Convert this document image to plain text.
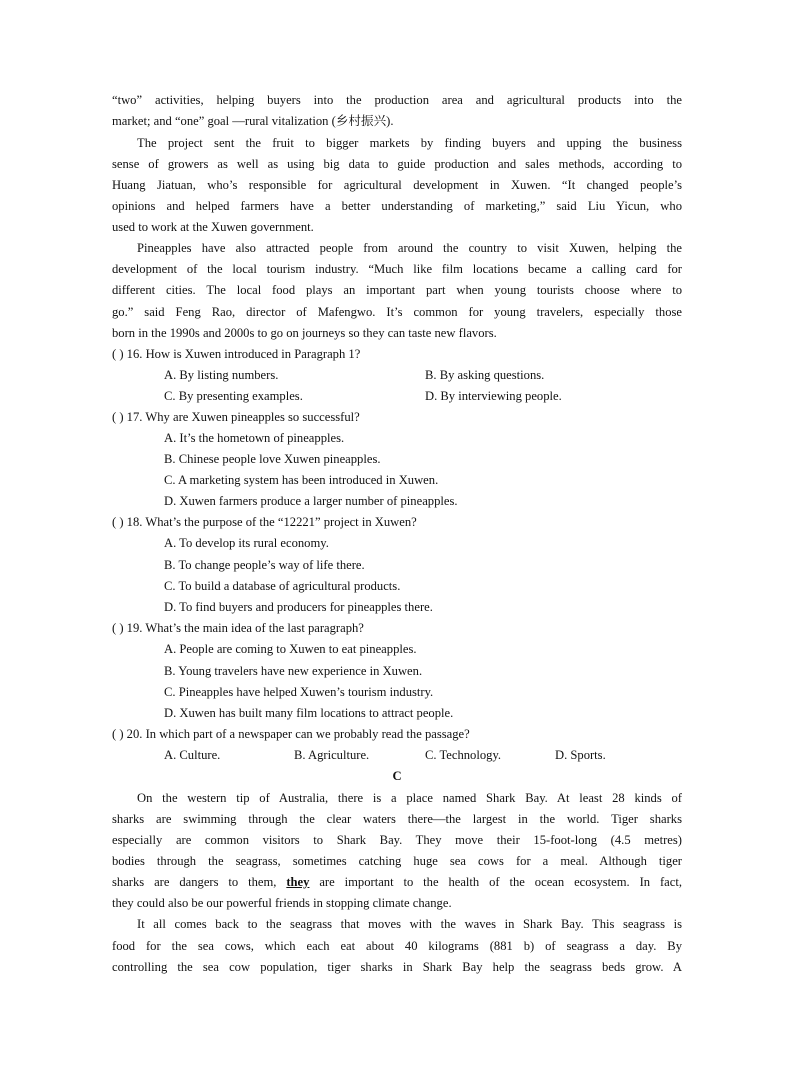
“two” activities, helping buyers into the production area and agricultural products into the
market; and “one” goal —rural vitalization (乡村振兴).
The project sent the fruit to bigger markets by finding buyers and upping the business
sense of growers as well as using big data to guide production and sales methods, according to
Huang Jiatuan, who’s responsible for agricultural development in Xuwen. “It changed people’s
opinions and helped farmers have a better understanding of marketing,” said Liu Yicun, who
used to work at the Xuwen government.
Pineapples have also attracted people from around the country to visit Xuwen, helping the
development of the local tourism industry. “Much like film locations became a calling card for
different cities. The local food plays an important part when young tourists choose where to
go.” said Feng Rao, director of Mafengwo. It’s common for young travelers, especially those
born in the 1990s and 2000s to go on journeys so they can taste new flavors.
( ) 16. How is Xuwen introduced in Paragraph 1?
A. By listing numbers.	B. By asking questions.
C. By presenting examples.	D. By interviewing people.
( ) 17. Why are Xuwen pineapples so successful?
A. It’s the hometown of pineapples.
B. Chinese people love Xuwen pineapples.
C. A marketing system has been introduced in Xuwen.
D. Xuwen farmers produce a larger number of pineapples.
( ) 18. What’s the purpose of the “12221” project in Xuwen?
A. To develop its rural economy.
B. To change people’s way of life there.
C. To build a database of agricultural products.
D. To find buyers and producers for pineapples there.
( ) 19. What’s the main idea of the last paragraph?
A. People are coming to Xuwen to eat pineapples.
B. Young travelers have new experience in Xuwen.
C. Pineapples have helped Xuwen’s tourism industry.
D. Xuwen has built many film locations to attract people.
( ) 20. In which part of a newspaper can we probably read the passage?
A. Culture.	B. Agriculture.	C. Technology.	D. Sports.
C
On the western tip of Australia, there is a place named Shark Bay. At least 28 kinds of
sharks are swimming through the clear waters there—the largest in the world. Tiger sharks
especially are common visitors to Shark Bay. They move their 15-foot-long (4.5 metres)
bodies through the seagrass, sometimes catching huge sea cows for a meal. Although tiger
sharks are dangers to them, they are important to the health of the ocean ecosystem. In fact,
they could also be our powerful friends in stopping climate change.
It all comes back to the seagrass that moves with the waves in Shark Bay. This seagrass is
food for the sea cows, which each eat about 40 kilograms (881 b) of seagrass a day. By
controlling the sea cow population, tiger sharks in Shark Bay help the seagrass beds grow. A
